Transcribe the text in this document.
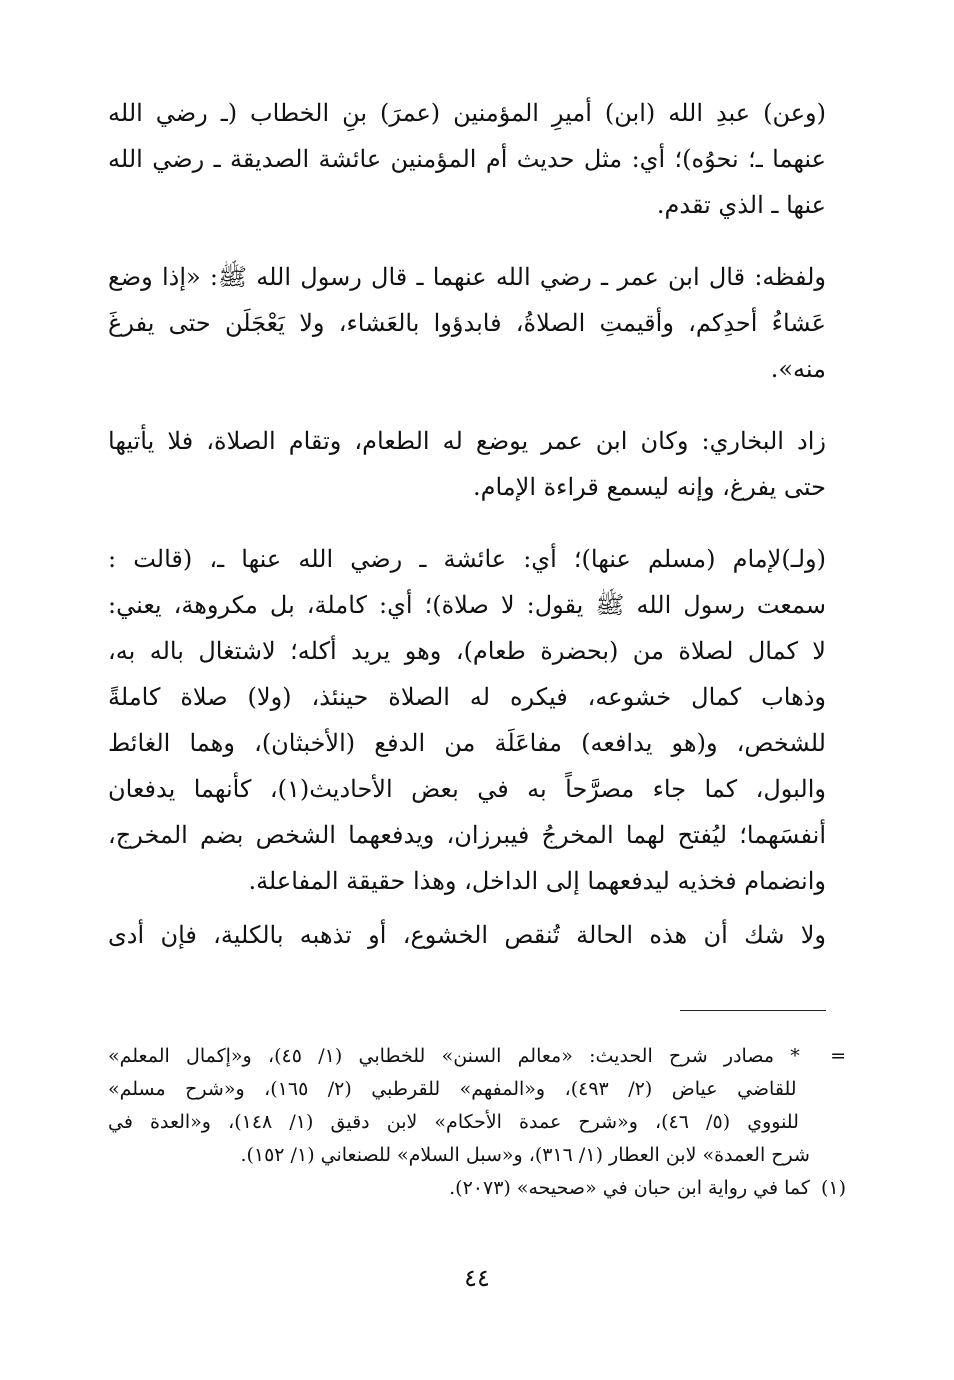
(وعن) عبدِ الله (ابن) أميرِ المؤمنين (عمرَ) بنِ الخطاب (ـ رضي الله
عنهما ـ؛ نحوُه)؛ أي: مثل حديث أم المؤمنين عائشة الصديقة ـ رضي الله
عنها ـ الذي تقدم.
ولفظه: قال ابن عمر ـ رضي الله عنهما ـ قال رسول الله ﷺ: «إذا وضع
عَشاءُ أحدِكم، وأقيمتِ الصلاةُ، فابدؤوا بالعَشاء، ولا يَعْجَلَن حتى يفرغَ
منه».
زاد البخاري: وكان ابن عمر يوضع له الطعام، وتقام الصلاة، فلا يأتيها
حتى يفرغ، وإنه ليسمع قراءة الإمام.
(ولـ)لإمام (مسلم عنها)؛ أي: عائشة ـ رضي الله عنها ـ، (قالت :
سمعت رسول الله ﷺ يقول: لا صلاة)؛ أي: كاملة، بل مكروهة، يعني:
لا كمال لصلاة من (بحضرة طعام)، وهو يريد أكله؛ لاشتغال باله به،
وذهاب كمال خشوعه، فيكره له الصلاة حينئذ، (ولا) صلاة كاملةً
للشخص، و(هو يدافعه) مفاعَلَة من الدفع (الأخبثان)، وهما الغائط
والبول، كما جاء مصرَّحاً به في بعض الأحاديث(١)، كأنهما يدفعان
أنفسَهما؛ ليُفتح لهما المخرجُ فيبرزان، ويدفعهما الشخص بضم المخرج،
وانضمام فخذيه ليدفعهما إلى الداخل، وهذا حقيقة المفاعلة.
ولا شك أن هذه الحالة تُنقص الخشوع، أو تذهبه بالكلية، فإن أدى
= * مصادر شرح الحديث: «معالم السنن» للخطابي (١/ ٤٥)، و«إكمال المعلم»
للقاضي عياض (٢/ ٤٩٣)، و«المفهم» للقرطبي (٢/ ١٦٥)، و«شرح مسلم»
للنووي (٥/ ٤٦)، و«شرح عمدة الأحكام» لابن دقيق (١/ ١٤٨)، و«العدة في
شرح العمدة» لابن العطار (١/ ٣١٦)، و«سبل السلام» للصنعاني (١/ ١٥٢).
(١) كما في رواية ابن حبان في «صحيحه» (٢٠٧٣).
٤٤
